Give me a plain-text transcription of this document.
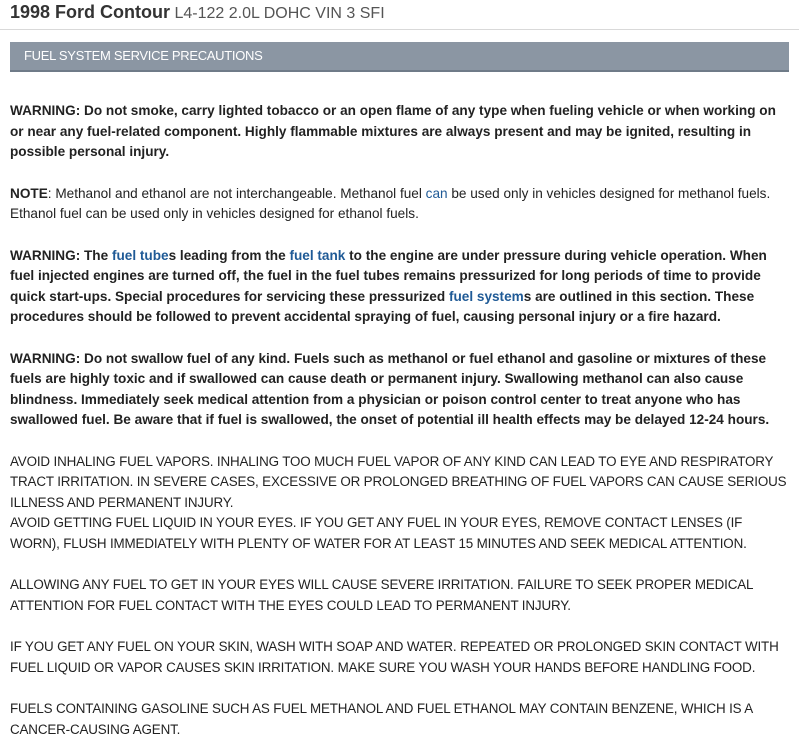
1998 Ford Contour L4-122 2.0L DOHC VIN 3 SFI
FUEL SYSTEM SERVICE PRECAUTIONS

WARNING: Do not smoke, carry lighted tobacco or an open flame of any type when fueling vehicle or when working on or near any fuel-related component. Highly flammable mixtures are always present and may be ignited, resulting in possible personal injury.

NOTE: Methanol and ethanol are not interchangeable. Methanol fuel can be used only in vehicles designed for methanol fuels. Ethanol fuel can be used only in vehicles designed for ethanol fuels.

WARNING: The fuel tubes leading from the fuel tank to the engine are under pressure during vehicle operation. When fuel injected engines are turned off, the fuel in the fuel tubes remains pressurized for long periods of time to provide quick start-ups. Special procedures for servicing these pressurized fuel systems are outlined in this section. These procedures should be followed to prevent accidental spraying of fuel, causing personal injury or a fire hazard.

WARNING: Do not swallow fuel of any kind. Fuels such as methanol or fuel ethanol and gasoline or mixtures of these fuels are highly toxic and if swallowed can cause death or permanent injury. Swallowing methanol can also cause blindness. Immediately seek medical attention from a physician or poison control center to treat anyone who has swallowed fuel. Be aware that if fuel is swallowed, the onset of potential ill health effects may be delayed 12-24 hours.

AVOID INHALING FUEL VAPORS. INHALING TOO MUCH FUEL VAPOR OF ANY KIND CAN LEAD TO EYE AND RESPIRATORY TRACT IRRITATION. IN SEVERE CASES, EXCESSIVE OR PROLONGED BREATHING OF FUEL VAPORS CAN CAUSE SERIOUS ILLNESS AND PERMANENT INJURY.

AVOID GETTING FUEL LIQUID IN YOUR EYES. IF YOU GET ANY FUEL IN YOUR EYES, REMOVE CONTACT LENSES (IF WORN), FLUSH IMMEDIATELY WITH PLENTY OF WATER FOR AT LEAST 15 MINUTES AND SEEK MEDICAL ATTENTION.

ALLOWING ANY FUEL TO GET IN YOUR EYES WILL CAUSE SEVERE IRRITATION. FAILURE TO SEEK PROPER MEDICAL ATTENTION FOR FUEL CONTACT WITH THE EYES COULD LEAD TO PERMANENT INJURY.

IF YOU GET ANY FUEL ON YOUR SKIN, WASH WITH SOAP AND WATER. REPEATED OR PROLONGED SKIN CONTACT WITH FUEL LIQUID OR VAPOR CAUSES SKIN IRRITATION. MAKE SURE YOU WASH YOUR HANDS BEFORE HANDLING FOOD.

FUELS CONTAINING GASOLINE SUCH AS FUEL METHANOL AND FUEL ETHANOL MAY CONTAIN BENZENE, WHICH IS A CANCER-CAUSING AGENT.
